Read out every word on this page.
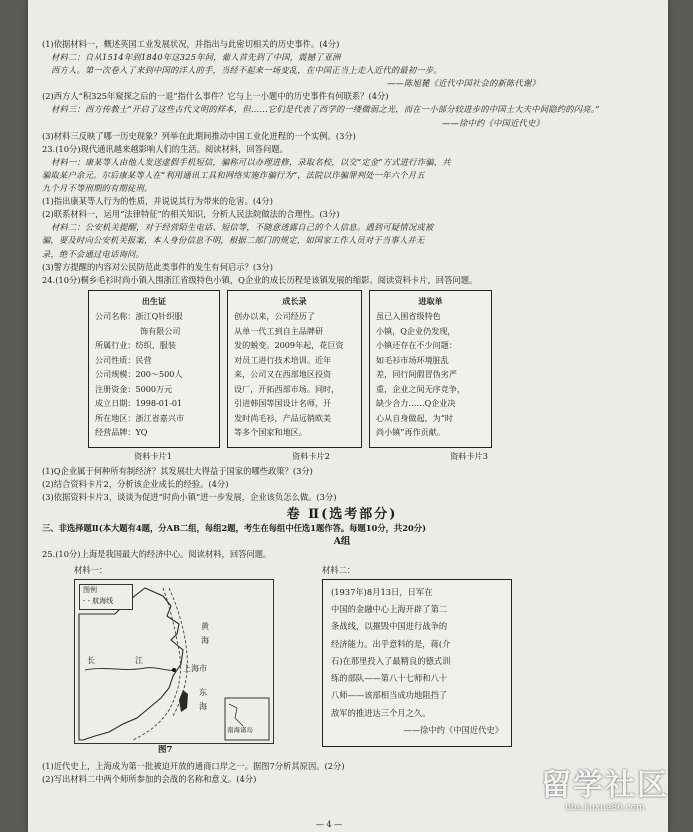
(1)依据材料一，概述英国工业发展状况，并指出与此密切相关的历史事件。(4分)
材料二：自从1514年到1840年这325年间，葡人首先到了中国，震撼了亚洲
西方人。第一次卷入了来到中国的洋人的手，当经不起来一场变乱，在中国正当上走入近代的最初一步。
——陈旭麓《近代中国社会的新陈代谢》
(2)西方人“积325年窥探之后的一退”指什么事件？它与上一小题中的历史事件有何联系？(4分)
材料三：西方传教士“开启了这些古代文明的样本，但……它们是代表了西学的一缕微弱之光，而在一小部分较进步的中国士大夫中间隐约的闪亮。”
——徐中约《中国近代史》
(3)材料三反映了哪一历史现象？列举在此期间推动中国工业化进程的一个实例。(3分)
23.(10分)现代通讯越来越影响人们的生活。阅读材料，回答问题。
材料一：康某等人由他人发送虚假手机短信，骗称可以办理进修，录取名校，以交“定金”方式进行诈骗，共
骗取某户余元。尔后康某等人在“利用通讯工具和网络实施诈骗行为”，法院以诈骗罪判处一年六个月五
九个月不等刑期的有期徒刑。
(1)指出康某等人行为的性质，并说说其行为带来的危害。(4分)
(2)联系材料一，运用“法律特征”的相关知识，分析人民法院做法的合理性。(3分)
材料二：公安机关提醒，对于经营陌生电话、短信等，不随意透露自己的个人信息。遇到可疑情况或被
骗，要及时向公安机关报案，本人身份信息不明，根据二部门的规定，如国家工作人员对于当事人并无
录，绝不会通过电话询问。
(3)警方提醒的内容对公民防范此类事件的发生有何启示？(3分)
24.(10分)桐乡毛衫时尚小镇入围浙江省级特色小镇，Q企业的成长历程是该镇发展的缩影。阅读资料卡片，回答问题。
出生证
公司名称：浙江Q针织服
饰有限公司
所属行业：纺织、服装
公司性质：民营
公司规模：200～500人
注册资金：5000万元
成立日期：1998-01-01
所在地区：浙江省嘉兴市
经营品牌：YQ
成长录
创办以来，公司经历了
从单一代工到自主品牌研
发的蜕变。2009年起，花巨资
对员工进行技术培训。近年
来，公司又在西部地区投资
设厂，开拓西部市场。同时，
引进韩国等国设计名师，开
发时尚毛衫，产品远销欧美
等多个国家和地区。
进取单
虽已入围省级特色
小镇，Q企业仍发现，
小镇还存在不少问题：
如毛衫市场环境脏乱
差，同行间假冒伪劣严
重，企业之间无序竞争，
缺少合力……Q企业决
心从自身做起，为“时
尚小镇”再作贡献。
资料卡片1	资料卡片2	资料卡片3
(1)Q企业属于何种所有制经济？其发展壮大得益于国家的哪些政策？(3分)
(2)结合资料卡片2，分析该企业成长的经验。(4分)
(3)依据资料卡片3，谈谈为促进“时尚小镇”进一步发展，企业该负怎么做。(3分)
卷 Ⅱ(选考部分)
三、非选择题Ⅱ(本大题有4题，分AB二组，每组2题，考生在每组中任选1题作答。每题10分，共20分)
A组
25.(10分)上海是我国最大的经济中心。阅读材料，回答问题。
材料一：
图例
- - 航海线
黄
海
上海市
东
海
长	江
南海诸岛
图7
材料二：
(1937年)8月13日，日军在
中国的金融中心上海开辟了第二
条战线，以摧毁中国进行战争的
经济能力。出乎意料的是，蒋(介
石)在那里投入了最精良的德式训
练的部队——第八十七师和八十
八师——该部相当成功地阻挡了
敌军的推进达三个月之久。
——徐中约《中国近代史》
(1)近代史上，上海成为第一批被迫开放的通商口岸之一。据图7分析其原因。(2分)
(2)写出材料二中两个师所参加的会战的名称和意义。(4分)
— 4 —
留学社区
bbs.liuxue86.com
